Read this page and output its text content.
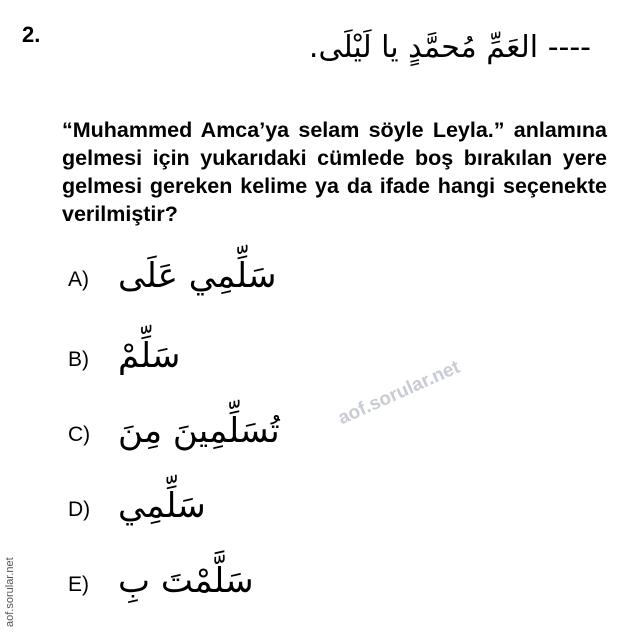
2.	---- العَمِّ مُحمَّدٍ يا لَيْلَى.
“Muhammed Amca’ya selam söyle Leyla.” anlamına gelmesi için yukarıdaki cümlede boş bırakılan yere gelmesi gereken kelime ya da ifade hangi seçenekte verilmiştir?
A) سَلِّمِي عَلَى
B) سَلِّمْ
C) تُسَلِّمِينَ مِنَ
D) سَلِّمِي
E) سَلَّمْتَ بِ
aof.sorular.net
aof.sorular.net
